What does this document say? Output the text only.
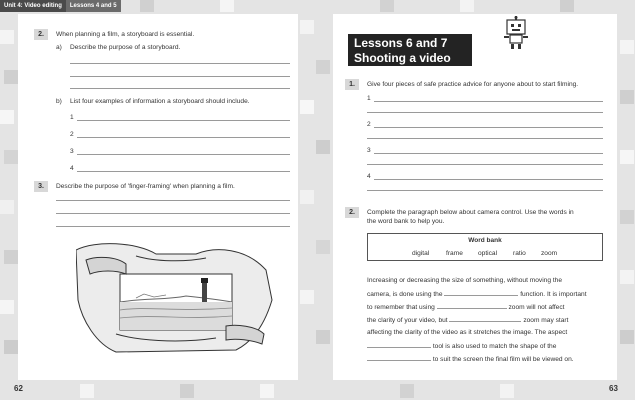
Unit 4: Video editing	Lessons 4 and 5
2.	When planning a film, a storyboard is essential.
a) Describe the purpose of a storyboard.
b) List four examples of information a storyboard should include.
1
2
3
4
3.	Describe the purpose of 'finger-framing' when planning a film.
62
Lessons 6 and 7
Shooting a video
1.	Give four pieces of safe practice advice for anyone about to start filming.
1
2
3
4
2.	Complete the paragraph below about camera control. Use the words in
the word bank to help you.
Word bank
digital	frame optical ratio zoom
Increasing or decreasing the size of something, without moving the
camera, is done using the	function. It is important
to remember that using	zoom will not affect
the clarity of your video, but	zoom may start
affecting the clarity of the video as it stretches the image. The aspect
tool is also used to match the shape of the
to suit the screen the final film will be viewed on.
63
